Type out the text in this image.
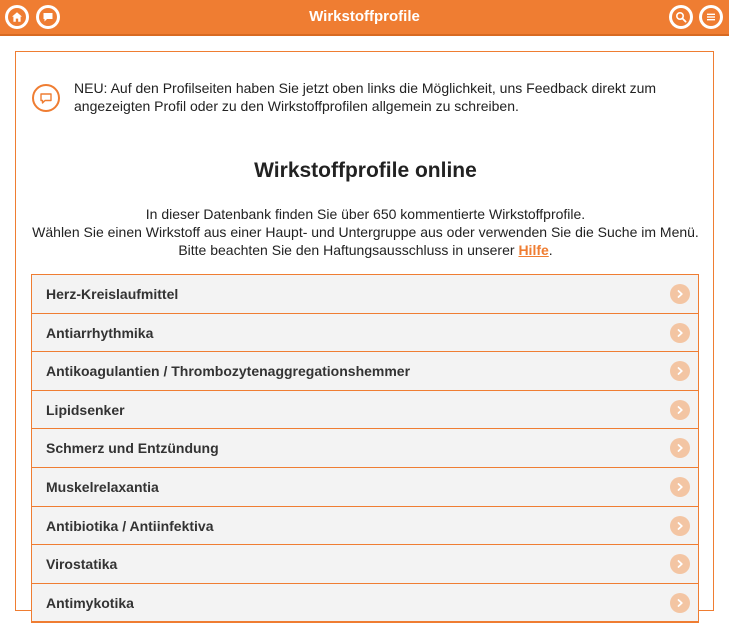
Wirkstoffprofile
NEU: Auf den Profilseiten haben Sie jetzt oben links die Möglichkeit, uns Feedback direkt zum angezeigten Profil oder zu den Wirkstoffprofilen allgemein zu schreiben.
Wirkstoffprofile online
In dieser Datenbank finden Sie über 650 kommentierte Wirkstoffprofile.
Wählen Sie einen Wirkstoff aus einer Haupt- und Untergruppe aus oder verwenden Sie die Suche im Menü.
Bitte beachten Sie den Haftungsausschluss in unserer Hilfe.
Herz-Kreislaufmittel
Antiarrhythmika
Antikoagulantien / Thrombozytenaggregationshemmer
Lipidsenker
Schmerz und Entzündung
Muskelrelaxantia
Antibiotika / Antiinfektiva
Virostatika
Antimykotika
